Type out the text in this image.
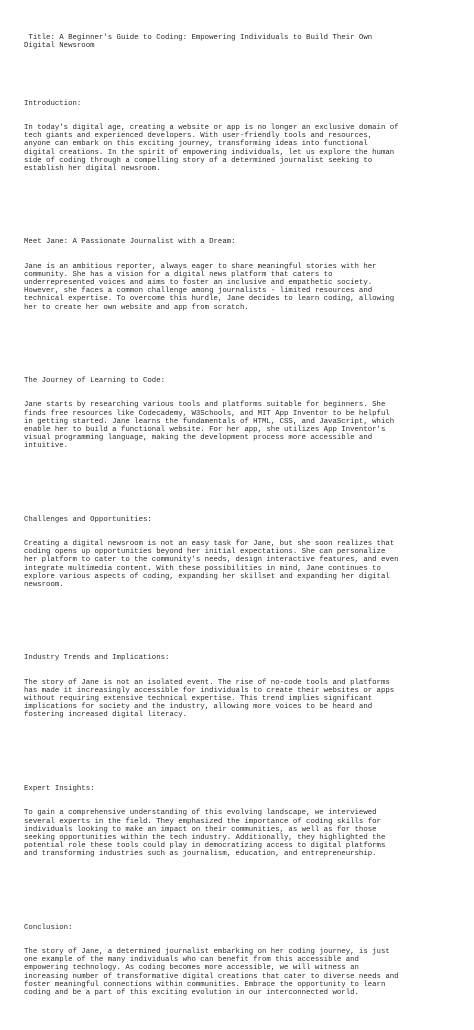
Title: A Beginner's Guide to Coding: Empowering Individuals to Build Their Own
Digital Newsroom

Introduction:

In today's digital age, creating a website or app is no longer an exclusive domain of
tech giants and experienced developers. With user-friendly tools and resources,
anyone can embark on this exciting journey, transforming ideas into functional
digital creations. In the spirit of empowering individuals, let us explore the human
side of coding through a compelling story of a determined journalist seeking to
establish her digital newsroom.

Meet Jane: A Passionate Journalist with a Dream:

Jane is an ambitious reporter, always eager to share meaningful stories with her
community. She has a vision for a digital news platform that caters to
underrepresented voices and aims to foster an inclusive and empathetic society.
However, she faces a common challenge among journalists - limited resources and
technical expertise. To overcome this hurdle, Jane decides to learn coding, allowing
her to create her own website and app from scratch.

The Journey of Learning to Code:

Jane starts by researching various tools and platforms suitable for beginners. She
finds free resources like Codecademy, W3Schools, and MIT App Inventor to be helpful
in getting started. Jane learns the fundamentals of HTML, CSS, and JavaScript, which
enable her to build a functional website. For her app, she utilizes App Inventor's
visual programming language, making the development process more accessible and
intuitive.

Challenges and Opportunities:

Creating a digital newsroom is not an easy task for Jane, but she soon realizes that
coding opens up opportunities beyond her initial expectations. She can personalize
her platform to cater to the community's needs, design interactive features, and even
integrate multimedia content. With these possibilities in mind, Jane continues to
explore various aspects of coding, expanding her skillset and expanding her digital
newsroom.

Industry Trends and Implications:

The story of Jane is not an isolated event. The rise of no-code tools and platforms
has made it increasingly accessible for individuals to create their websites or apps
without requiring extensive technical expertise. This trend implies significant
implications for society and the industry, allowing more voices to be heard and
fostering increased digital literacy.

Expert Insights:

To gain a comprehensive understanding of this evolving landscape, we interviewed
several experts in the field. They emphasized the importance of coding skills for
individuals looking to make an impact on their communities, as well as for those
seeking opportunities within the tech industry. Additionally, they highlighted the
potential role these tools could play in democratizing access to digital platforms
and transforming industries such as journalism, education, and entrepreneurship.

Conclusion:

The story of Jane, a determined journalist embarking on her coding journey, is just
one example of the many individuals who can benefit from this accessible and
empowering technology. As coding becomes more accessible, we will witness an
increasing number of transformative digital creations that cater to diverse needs and
foster meaningful connections within communities. Embrace the opportunity to learn
coding and be a part of this exciting evolution in our interconnected world.
